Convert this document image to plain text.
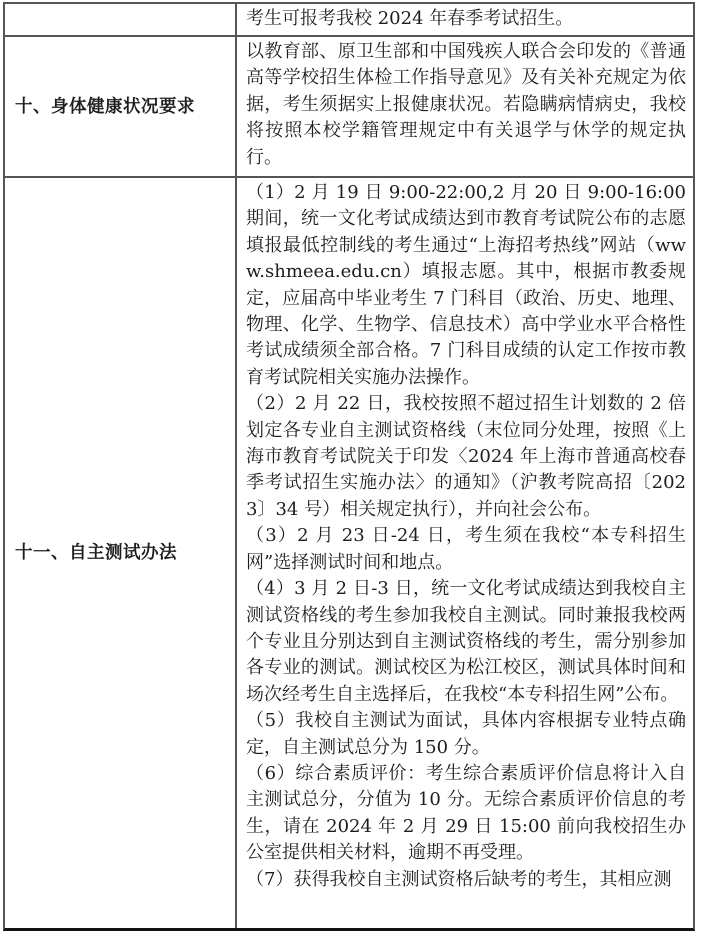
考生可报考我校 2024 年春季考试招生。

十、身体健康状况要求

以教育部、原卫生部和中国残疾人联合会印发的《普通高等学校招生体检工作指导意见》及有关补充规定为依据，考生须据实上报健康状况。若隐瞒病情病史，我校将按照本校学籍管理规定中有关退学与休学的规定执行。

十一、自主测试办法

（1）2 月 19 日 9:00-22:00,2 月 20 日 9:00-16:00 期间，统一文化考试成绩达到市教育考试院公布的志愿填报最低控制线的考生通过“上海招考热线”网站（www.shmeea.edu.cn）填报志愿。其中，根据市教委规定，应届高中毕业考生 7 门科目（政治、历史、地理、物理、化学、生物学、信息技术）高中学业水平合格性考试成绩须全部合格。7 门科目成绩的认定工作按市教育考试院相关实施办法操作。

（2）2 月 22 日，我校按照不超过招生计划数的 2 倍划定各专业自主测试资格线（末位同分处理，按照《上海市教育考试院关于印发〈2024 年上海市普通高校春季考试招生实施办法〉的通知》（沪教考院高招〔2023〕34 号）相关规定执行），并向社会公布。

（3）2 月 23 日-24 日，考生须在我校“本专科招生网”选择测试时间和地点。

（4）3 月 2 日-3 日，统一文化考试成绩达到我校自主测试资格线的考生参加我校自主测试。同时兼报我校两个专业且分别达到自主测试资格线的考生，需分别参加各专业的测试。测试校区为松江校区，测试具体时间和场次经考生自主选择后，在我校“本专科招生网”公布。

（5）我校自主测试为面试，具体内容根据专业特点确定，自主测试总分为 150 分。

（6）综合素质评价：考生综合素质评价信息将计入自主测试总分，分值为 10 分。无综合素质评价信息的考生，请在 2024 年 2 月 29 日 15:00 前向我校招生办公室提供相关材料，逾期不再受理。

（7）获得我校自主测试资格后缺考的考生，其相应测
